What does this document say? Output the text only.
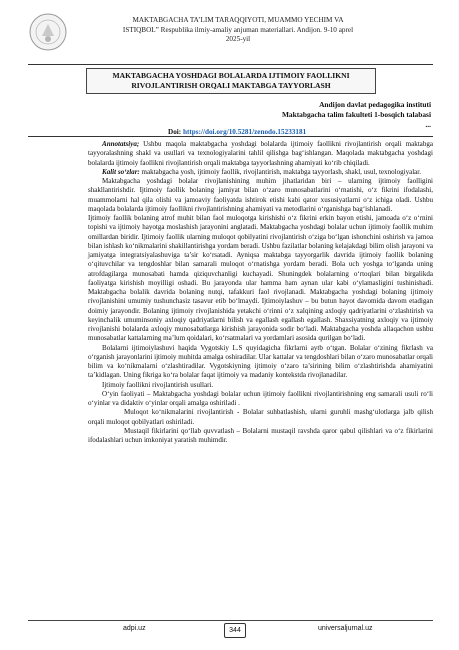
MAKTABGACHA TA’LIM TARAQQIYOTI, MUAMMO YECHIM VA
ISTIQBOL” Respublika ilmiy-amaliy anjuman materiallari. Andijon. 9-10 aprel
2025-yil
MAKTABGACHA YOSHDAGI BOLALARDA IJTIMOIY FAOLLIKNI
RIVOJLANTIRISH ORQALI MAKTABGA TAYYORLASH
Andijon davlat pedagogika instituti
Maktabgacha talim fakulteti 1-bosqich talabasi
...
Doi: https://doi.org/10.5281/zenodo.15233181

Annotatsiya; Ushbu maqola maktabgacha yoshdagi bolalarda ijtimoiy faollikni rivojlantirish orqali maktabga tayyoralashning shakl va usullari va texnologiyalarini tahlil qilishga bag‘ishlangan. Maqolada maktabgacha yoshdagi bolalarda ijtimoiy faollikni rivojlantirish orqali maktabga tayyorlashning ahamiyati ko‘rib chiqiladi.

Kalit so‘zlar: maktabgacha yosh, ijtimoiy faollik, rivojlantirish, maktabga tayyorlash, shakl, usul, texnologiyalar.

Maktabgacha yoshdagi bolalar rivojlanishining muhim jihatlaridan biri – ularning ijtimoiy faolligini shakllantirishdir. Ijtimoiy faollik bolaning jamiyat bilan o‘zaro munosabatlarini o‘rnatishi, o‘z fikrini ifodalashi, muammolarni hal qila olishi va jamoaviy faoliyatda ishtirok etishi kabi qator xususiyatlarni o‘z ichiga oladi. Ushbu maqolada bolalarda ijtimoiy faollikni rivojlantirishning ahamiyati va metodlarini o‘rganishga bag‘ishlanadi.

Ijtimoiy faollik bolaning atrof muhit bilan faol muloqotga kirishishi o‘z fikrini erkin bayon etishi, jamoada o‘z o‘rnini topishi va ijtimoiy hayotga moslashish jarayonini anglatadi. Maktabgacha yoshdagi bolalar uchun ijtimoiy faollik muhim omillardan biridir. Ijtimoiy faollik ularning muloqot qobilyatini rivojlantirish o‘ziga bo‘lgan ishonchini oshirish va jamoa bilan ishlash ko‘nikmalarini shakillantirishga yordam beradi. Ushbu fazilatlar bolaning kelajakdagi bilim olish jarayoni va jamiyatga integratsiyalashuviga ta’sir ko‘rsatadi. Ayniqsa maktabga tayyorgarlik davrida ijtimoiy faollik bolaning o‘qituvchilar va tengdoshlar bilan samarali muloqot o‘rnatishga yordam beradi. Bola uch yoshga to‘lganda uning atrofdagilarga munosabati hamda qiziquvchanligi kuchayadi. Shuningdek bolalarning o‘rtoqlari bilan birgalikda faoliyatga kirishish moyilligi oshadi. Bu jarayonda ular hamma ham aynan ular kabi o‘ylamasligini tushinishadi. Maktabgacha bolalik davrida bolaning nutqi, tafakkuri faol rivojlanadi. Maktabgacha yoshdagi bolaning ijtimoiy rivojlanishini umumiy tushunchasiz tasavur etib bo‘lmaydi. Ijtimoiylashuv – bu butun hayot davomida davom etadigan doimiy jarayondir. Bolaning ijtimoiy rivojlanishida yetakchi o‘rinni o‘z xalqining axloqiy qadriyatlarini o‘zlashtirish va keyinchalik umuminsoniy axloqiy qadriyatlarni bilish va egallash egallash egallash. Shaxsiyatning axloqiy va ijtimoiy rivojlanishi bolalarda axloqiy munosabatlarga kirishish jarayonida sodir bo‘ladi. Maktabgacha yoshda allaqachon ushbu munosabatlar kattalarning ma’lum qoidalari, ko‘rsatmalari va yordamlari asosida qurilgan bo‘ladi.

Bolalarni ijtimoiylashuvi haqida Vygotskiy L.S quyidagicha fikrlarni aytb o‘tgan. Bolalar o‘zining fikrlash va o‘rganish jarayonlarini ijtimoiy muhitda amalga oshiradilar. Ular kattalar va tengdoshlari bilan o‘zaro munosabatlar orqali bilim va ko‘nikmalarni o‘zlashtiradilar. Vygotskiyning ijtimoiy o‘zaro ta’sirining bilim o‘zlashtirishda ahamiyatini ta’kidlagan. Uning fikriga ko‘ra bolalar faqat ijtimoiy va madaniy kontekstda rivojlanadilar.

Ijtimoiy faollikni rivojlantirish usullari.

O‘yin faoliyati – Maktabgacha yoshdagi bolalar uchun ijtimoiy faollikni rivojlantirishning eng samarali usuli ro‘li o‘yinlar va didaktiv o‘yinlar orqali amalga oshiriladi .

Muloqot ko‘nikmalarini rivojlantirish - Bolalar suhbatlashish, ularni guruhli mashg‘ulotlarga jalb qilish orqali muloqot qobilyatlari oshiriladi.

Mustaqil fikirlarini qo‘llab quvvatlash – Bolalarni mustaqil ravshda qaror qabul qilishlari va o‘z fikirlarini ifodalashlari uchun imkoniyat yaratish muhimdir.

adpi.uz	344	universaljurnal.uz
